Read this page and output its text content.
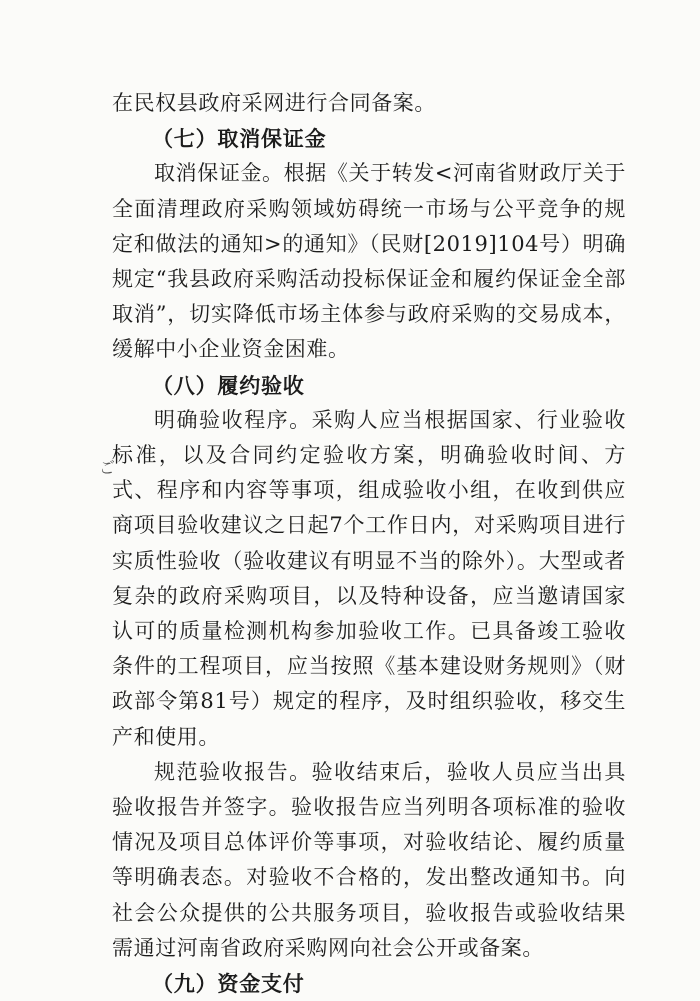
在民权县政府采网进行合同备案。

（七）取消保证金

取消保证金。根据《关于转发<河南省财政厅关于全面清理政府采购领域妨碍统一市场与公平竞争的规定和做法的通知>的通知》（民财[2019]104号）明确规定“我县政府采购活动投标保证金和履约保证金全部取消”，切实降低市场主体参与政府采购的交易成本，缓解中小企业资金困难。

（八）履约验收

明确验收程序。采购人应当根据国家、行业验收标准，以及合同约定验收方案，明确验收时间、方式、程序和内容等事项，组成验收小组，在收到供应商项目验收建议之日起7个工作日内，对采购项目进行实质性验收（验收建议有明显不当的除外）。大型或者复杂的政府采购项目，以及特种设备，应当邀请国家认可的质量检测机构参加验收工作。已具备竣工验收条件的工程项目，应当按照《基本建设财务规则》（财政部令第81号）规定的程序，及时组织验收，移交生产和使用。

规范验收报告。验收结束后，验收人员应当出具验收报告并签字。验收报告应当列明各项标准的验收情况及项目总体评价等事项，对验收结论、履约质量等明确表态。对验收不合格的，发出整改通知书。向社会公众提供的公共服务项目，验收报告或验收结果需通过河南省政府采购网向社会公开或备案。

（九）资金支付

ご
